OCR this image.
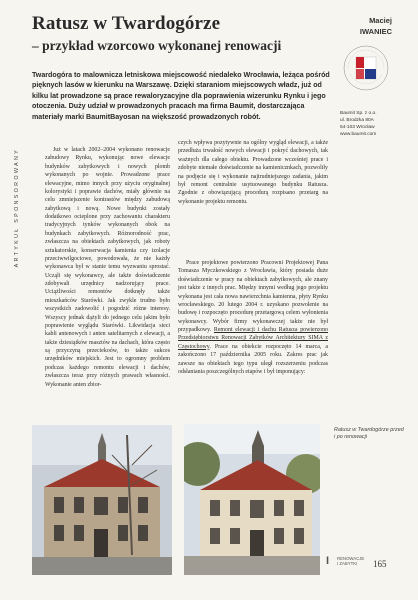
Ratusz w Twardogórze
– przykład wzorcowo wykonanej renowacji
Maciej
IWANIEC
Twardogóra to malownicza letniskowa miejscowość niedaleko Wrocławia, leżąca pośród pięknych lasów w kierunku na Warszawę. Dzięki staraniom miejscowych władz, już od kilku lat prowadzone są prace rewaloryzacyjne dla poprawienia wizerunku Rynku i jego otoczenia. Duży udział w prowadzonych pracach ma firma Baumit, dostarczająca materiały marki BaumitBayosan na większość prowadzonych robót.	Baumit Sp. z o.o.
ul. Brodzka 80A
54-103 Wrocław
www.baumit.com
ARTYKUŁ SPONSOROWANY	Już w latach 2002–2004 wykonano renowacje zabudowy Rynku, wykonując nowe elewacje budynków zabytkowych i nowych plomb wykonanych po wojnie. Prowadzone prace elewacyjne, mimo innych przy użyciu oryginalnej kolorystyki i poprawie dachów, miały głównie na celu zmniejszenie kontrastów między zabudową zabytkową i nową. Nowe budynki zostały dodatkowo ocieplone przy zachowaniu charakteru tradycyjnych tynków wykonanych obok na budynkach zabytkowych. Różnorodność prac, zwłaszcza na obiektach zabytkowych, jak roboty sztukatorskie, konserwacja kamienia czy izolacje przeciwwilgociowe, powodowała, że nie każdy wykonawca był w stanie temu wyzwaniu sprostać. Ucząli się wykonawcy, ale także doświadczenie zdobywali urzędnicy nadzorujący prace. Uciążliwości remontów dotknęły także mieszkańców Starówki. Jak zwykle trudno było wszystkich zadowolić i pogodzić różne interesy. Wszyscy jednak dążyli do jednego celu jakim było poprawienie wyglądu Starówki. Likwidacja sieci kabli antenowych i anten satelitarnych z elewacji, a także dziesiątków masztów na dachach, która często są przyczyną przeciekoów, to także sukces urzędników miejskich. Jest to ogromny problem podczas każdego remontu elewacji i dachów, zwłaszcza teraz przy różnych prawach własności. Wykonanie anten zbior-

czych wpływa pozytywnie na ogólny wygląd elewacji, a także przedłuża trwałość nowych elewacji i pokryć dachowych, tak ważnych dla całego obiektu. Prowadzone wcześniej prace i zdobyte niemałe doświadczenie na kamienicznkach, pozwoliły na podjęcie się i wykonanie najtrudniejszego zadania, jakim był remont centralnie usytuowanego budynku Ratusza. Zgodnie z obowiązującą procedurą rozpisano przetarg na wykonanie projektu remontu.

Prace projektowe powierzono Pracowni Projektowej Pana Tomasza Myczkowskiego z Wrocławia, który posiada duże doświadczenie w pracy na obiektach zabytkowych, ale znany jest także z innych prac. Między innymi według jego projektu wykonana jest cała nowa nawierzchnia kamienna, płyty Rynku wrocławskiego. 20 lutego 2004 r. uzyskano pozwolenie na budowę i rozpoczęto procedurę przetargową celem wyłonienia wykonawcy. Wybór firmy wykonawczej także nie był przypadkowy. Remont elewacji i dachu Ratusza powierzono Przedsiębiorstwu Renowacji Zabytków Architektury SIMA z Częstochowy. Prace na obiekcie rozpoczęto 14 marca, a zakończono 17 października 2005 roku. Zakres prac jak zawsze na obiektach tego typu uległ rozszerzeniu podczas odsłaniania poszczególnych etapów i był imponujący:

Ratusz w Twardogórze przed i po renowacji
I RENOWACJE
I ZABYTKI	165
